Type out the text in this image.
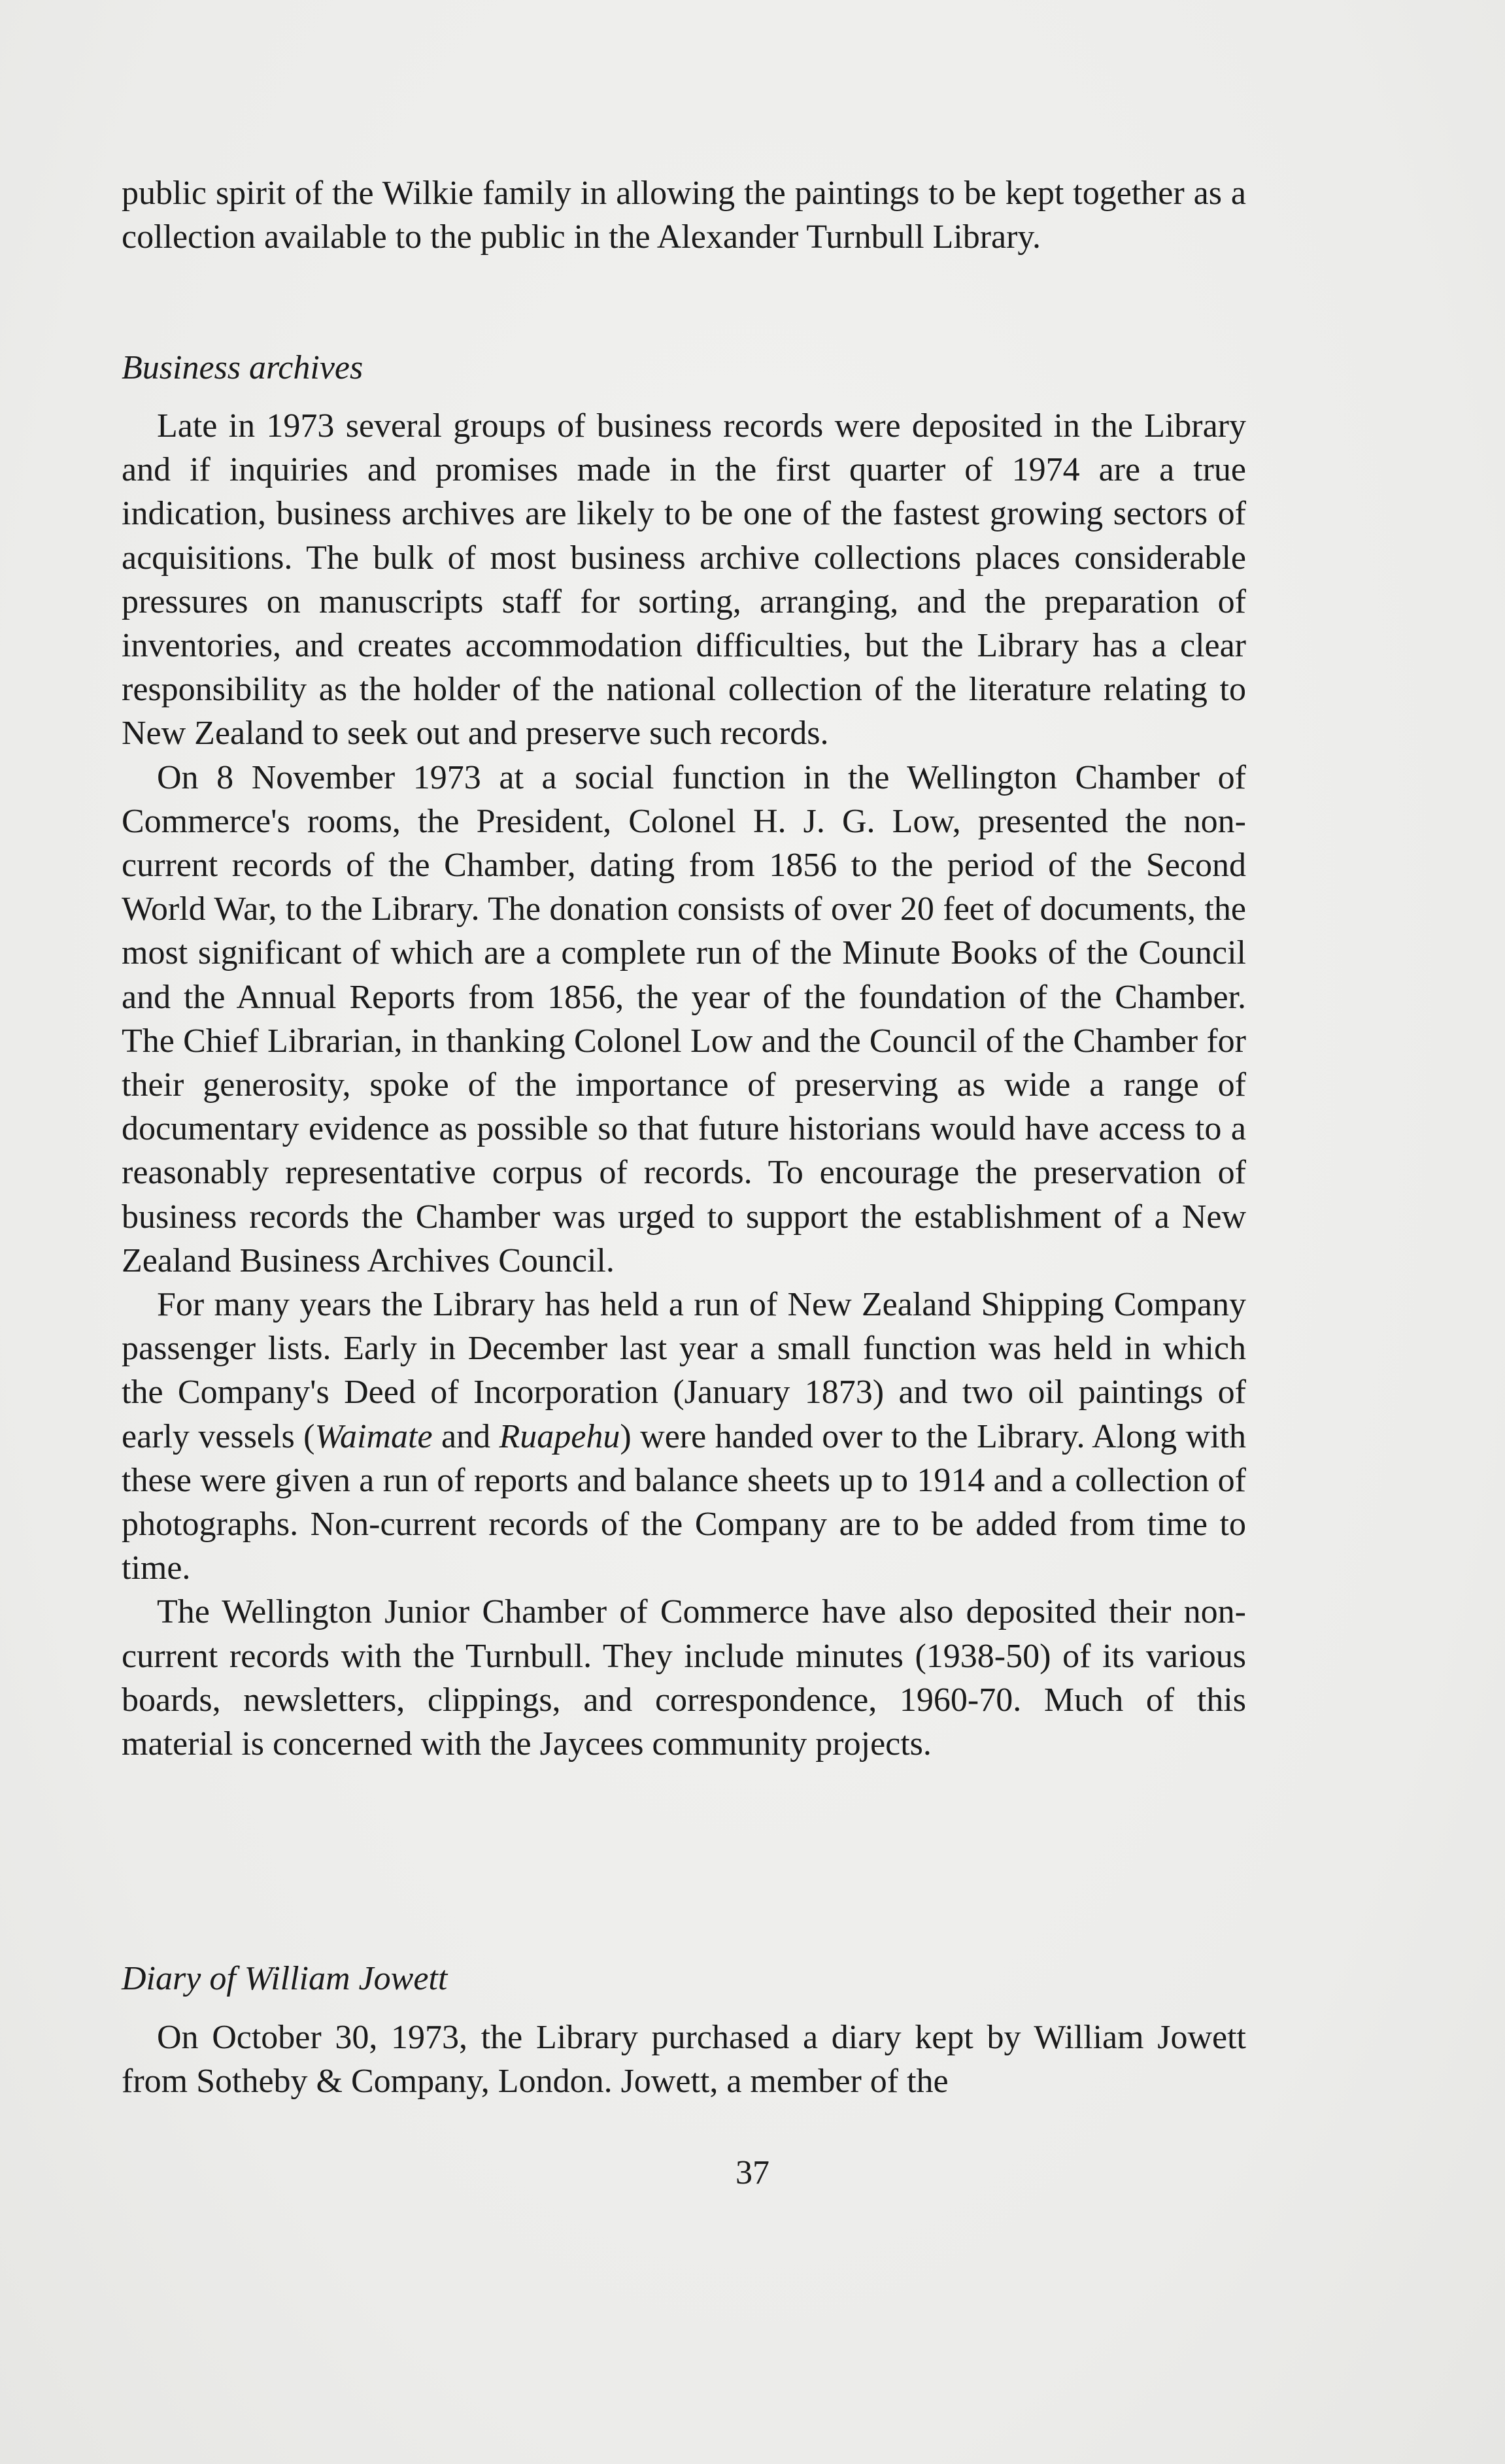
public spirit of the Wilkie family in allowing the paintings to be kept together as a collection available to the public in the Alexander Turnbull Library.

Business archives

Late in 1973 several groups of business records were deposited in the Library and if inquiries and promises made in the first quarter of 1974 are a true indication, business archives are likely to be one of the fastest growing sectors of acquisitions. The bulk of most business archive collections places considerable pressures on manuscripts staff for sorting, arranging, and the preparation of inventories, and creates accommodation difficulties, but the Library has a clear responsibility as the holder of the national collection of the literature relating to New Zealand to seek out and preserve such records.

On 8 November 1973 at a social function in the Wellington Chamber of Commerce's rooms, the President, Colonel H. J. G. Low, presented the non-current records of the Chamber, dating from 1856 to the period of the Second World War, to the Library. The donation consists of over 20 feet of documents, the most significant of which are a complete run of the Minute Books of the Council and the Annual Reports from 1856, the year of the foundation of the Chamber. The Chief Librarian, in thanking Colonel Low and the Council of the Chamber for their generosity, spoke of the importance of preserving as wide a range of documentary evidence as possible so that future historians would have access to a reasonably representative corpus of records. To encourage the preservation of business records the Chamber was urged to support the establishment of a New Zealand Business Archives Council.

For many years the Library has held a run of New Zealand Shipping Company passenger lists. Early in December last year a small function was held in which the Company's Deed of Incorporation (January 1873) and two oil paintings of early vessels (Waimate and Ruapehu) were handed over to the Library. Along with these were given a run of reports and balance sheets up to 1914 and a collection of photographs. Non-current records of the Company are to be added from time to time.

The Wellington Junior Chamber of Commerce have also deposited their non-current records with the Turnbull. They include minutes (1938-50) of its various boards, newsletters, clippings, and correspondence, 1960-70. Much of this material is concerned with the Jaycees community projects.

Diary of William Jowett

On October 30, 1973, the Library purchased a diary kept by William Jowett from Sotheby & Company, London. Jowett, a member of the

37
